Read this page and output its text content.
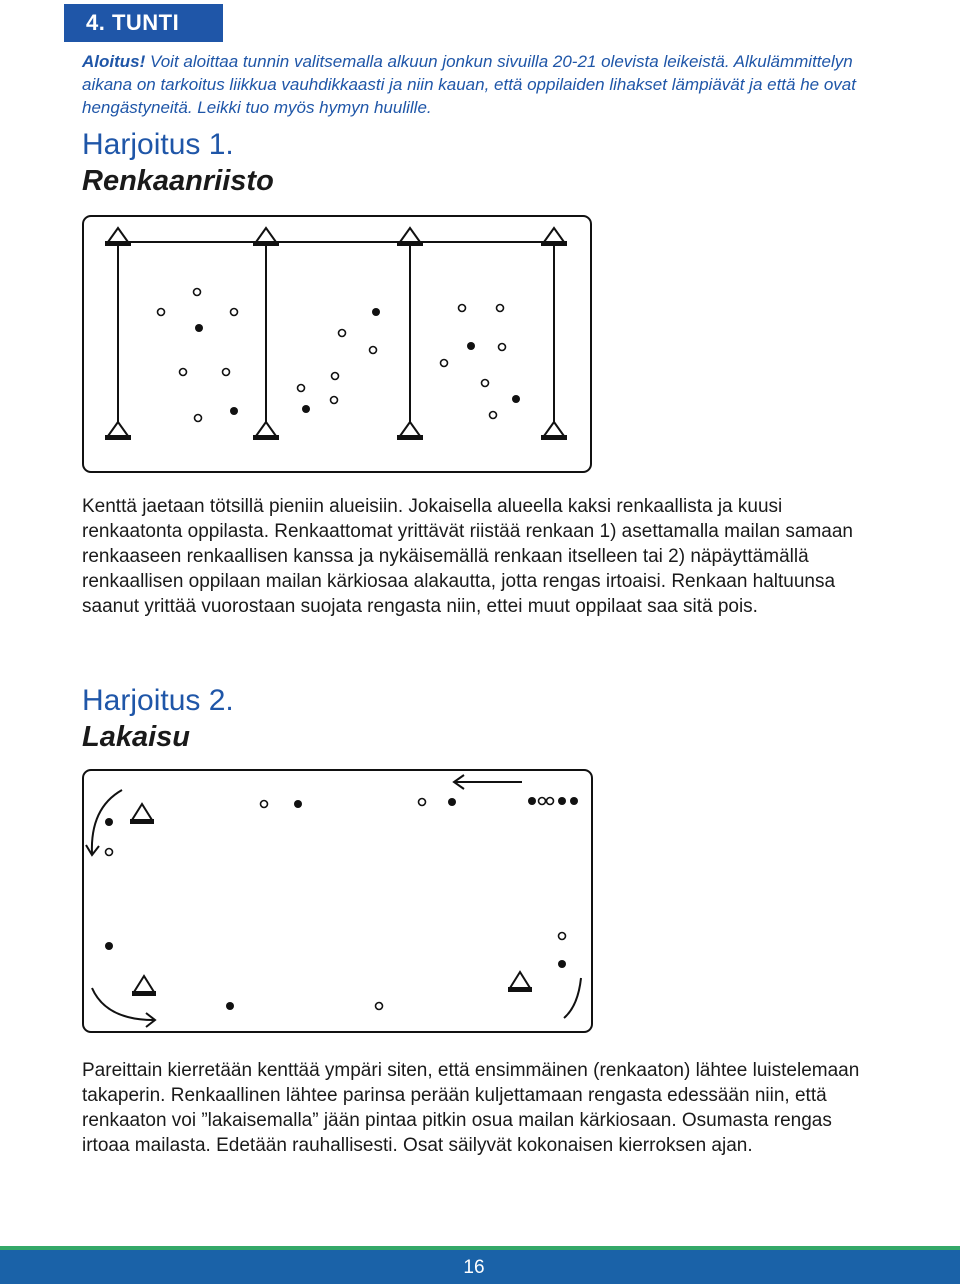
4. TUNTI

Aloitus! Voit aloittaa tunnin valitsemalla alkuun jonkun sivuilla 20-21 olevista leikeistä. Alkulämmittelyn aikana on tarkoitus liikkua vauhdikkaasti ja niin kauan, että oppilaiden lihakset lämpiävät ja että he ovat hengästyneitä. Leikki tuo myös hymyn huulille.

Harjoitus 1.
Renkaanriisto

Kenttä jaetaan tötsillä pieniin alueisiin. Jokaisella alueella kaksi renkaallista ja kuusi renkaatonta oppilasta. Renkaattomat yrittävät riistää renkaan 1) asettamalla mailan samaan renkaaseen renkaallisen kanssa ja nykäisemällä renkaan itselleen tai 2) näpäyttämällä renkaallisen oppilaan mailan kärkiosaa alakautta, jotta rengas irtoaisi. Renkaan haltuunsa saanut yrittää vuorostaan suojata rengasta niin, ettei muut oppilaat saa sitä pois.

Harjoitus 2.
Lakaisu

Pareittain kierretään kenttää ympäri siten, että ensimmäinen (renkaaton) lähtee luistelemaan takaperin. Renkaallinen lähtee parinsa perään kuljettamaan rengasta edessään niin, että renkaaton voi ”lakaisemalla” jään pintaa pitkin osua mailan kärkiosaan. Osumasta rengas irtoaa mailasta. Edetään rauhallisesti. Osat säilyvät kokonaisen kierroksen ajan.

16
